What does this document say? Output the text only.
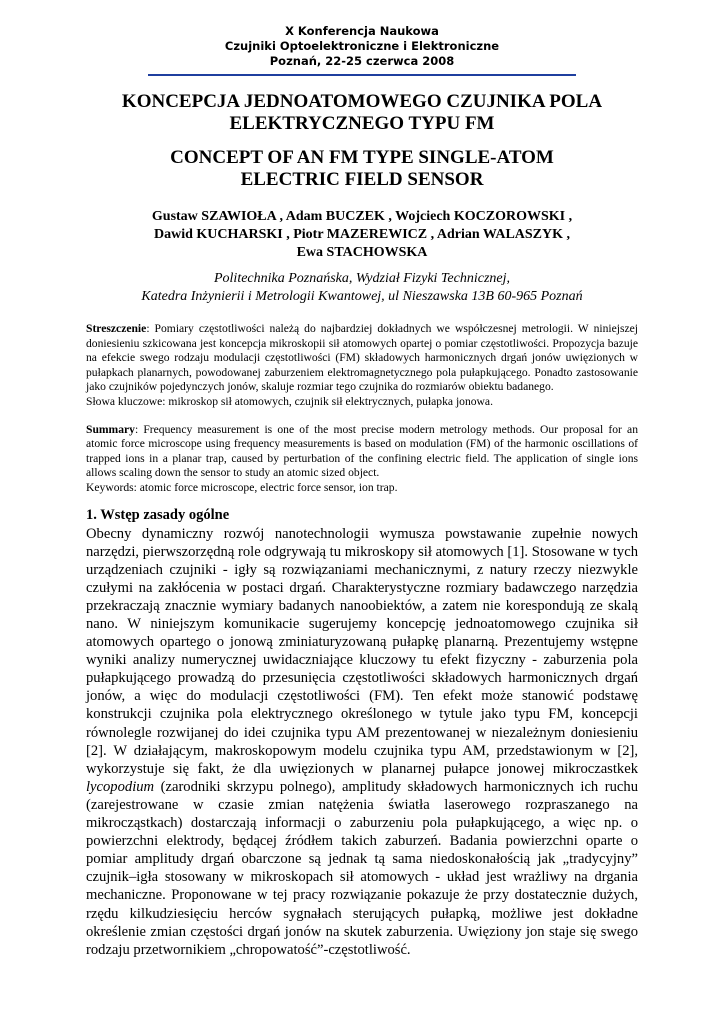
X Konferencja Naukowa
Czujniki Optoelektroniczne i Elektroniczne
Poznań, 22-25 czerwca 2008
KONCEPCJA JEDNOATOMOWEGO CZUJNIKA POLA
ELEKTRYCZNEGO TYPU FM
CONCEPT OF AN FM TYPE SINGLE-ATOM
ELECTRIC FIELD SENSOR
Gustaw SZAWIOŁA , Adam BUCZEK , Wojciech KOCZOROWSKI ,
Dawid KUCHARSKI , Piotr MAZEREWICZ , Adrian WALASZYK ,
Ewa STACHOWSKA
Politechnika Poznańska, Wydział Fizyki Technicznej,
Katedra Inżynierii i Metrologii Kwantowej, ul Nieszawska 13B 60-965 Poznań

Streszczenie: Pomiary częstotliwości należą do najbardziej dokładnych we współczesnej metrologii. W niniejszej doniesieniu szkicowana jest koncepcja mikroskopii sił atomowych opartej o pomiar częstotliwości. Propozycja bazuje na efekcie swego rodzaju modulacji częstotliwości (FM) składowych harmonicznych drgań jonów uwięzionych w pułapkach planarnych, powodowanej zaburzeniem elektromagnetycznego pola pułapkującego. Ponadto zastosowanie jako czujników pojedynczych jonów, skaluje rozmiar tego czujnika do rozmiarów obiektu badanego.

Słowa kluczowe: mikroskop sił atomowych, czujnik sił elektrycznych, pułapka jonowa.

Summary: Frequency measurement is one of the most precise modern metrology methods. Our proposal for an atomic force microscope using frequency measurements is based on modulation (FM) of the harmonic oscillations of trapped ions in a planar trap, caused by perturbation of the confining electric field. The application of single ions allows scaling down the sensor to study an atomic sized object.

Keywords: atomic force microscope, electric force sensor, ion trap.

1. Wstęp zasady ogólne

Obecny dynamiczny rozwój nanotechnologii wymusza powstawanie zupełnie nowych narzędzi, pierwszorzędną role odgrywają tu mikroskopy sił atomowych [1]. Stosowane w tych urządzeniach czujniki - igły są rozwiązaniami mechanicznymi, z natury rzeczy niezwykle czułymi na zakłócenia w postaci drgań. Charakterystyczne rozmiary badawczego narzędzia przekraczają znacznie wymiary badanych nanoobiektów, a zatem nie korespondują ze skalą nano. W niniejszym komunikacie sugerujemy koncepcję jednoatomowego czujnika sił atomowych opartego o jonową zminiaturyzowaną pułapkę planarną. Prezentujemy wstępne wyniki analizy numerycznej uwidaczniające kluczowy tu efekt fizyczny - zaburzenia pola pułapkującego prowadzą do przesunięcia częstotliwości składowych harmonicznych drgań jonów, a więc do modulacji częstotliwości (FM). Ten efekt może stanowić podstawę konstrukcji czujnika pola elektrycznego określonego w tytule jako typu FM, koncepcji równolegle rozwijanej do idei czujnika typu AM prezentowanej w niezależnym doniesieniu [2]. W działającym, makroskopowym modelu czujnika typu AM, przedstawionym w [2], wykorzystuje się fakt, że dla uwięzionych w planarnej pułapce jonowej mikroczastkek lycopodium (zarodniki skrzypu polnego), amplitudy składowych harmonicznych ich ruchu (zarejestrowane w czasie zmian natężenia światła laserowego rozpraszanego na mikrocząstkach) dostarczają informacji o zaburzeniu pola pułapkującego, a więc np. o powierzchni elektrody, będącej źródłem takich zaburzeń. Badania powierzchni oparte o pomiar amplitudy drgań obarczone są jednak tą sama niedoskonałością jak „tradycyjny” czujnik–igła stosowany w mikroskopach sił atomowych - układ jest wrażliwy na drgania mechaniczne. Proponowane w tej pracy rozwiązanie pokazuje że przy dostatecznie dużych, rzędu kilkudziesięciu herców sygnałach sterujących pułapką, możliwe jest dokładne określenie zmian częstości drgań jonów na skutek zaburzenia. Uwięziony jon staje się swego rodzaju przetwornikiem „chropowatość”-częstotliwość.
